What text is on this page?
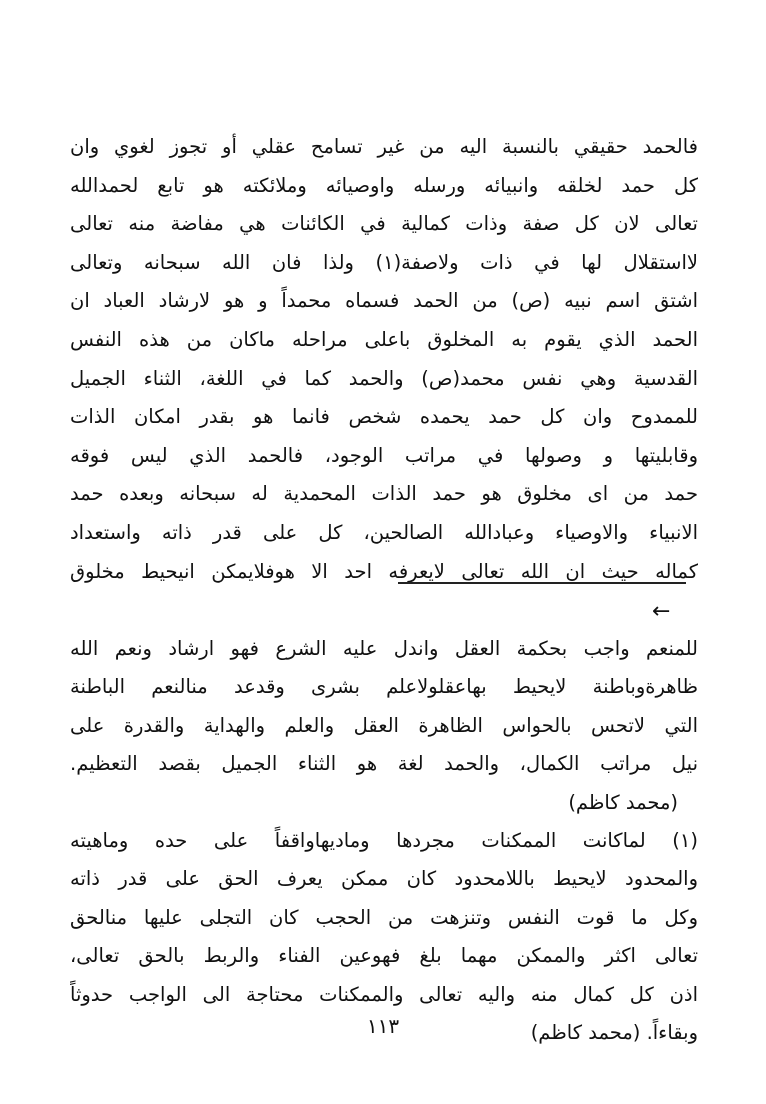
فالحمد حقيقي بالنسبة اليه من غير تسامح عقلي أو تجوز لغوي وان
كل حمد لخلقه وانبيائه ورسله واوصيائه وملائكته هو تابع لحمدالله
تعالى لان كل صفة وذات كمالية في الكائنات هي مفاضة منه تعالى
لااستقلال لها في ذات ولاصفة(١) ولذا فان الله سبحانه وتعالى
اشتق اسم نبيه (ص) من الحمد فسماه محمداً و هو لارشاد العباد ان
الحمد الذي يقوم به المخلوق باعلى مراحله ماكان من هذه النفس
القدسية وهي نفس محمد(ص) والحمد كما في اللغة، الثناء الجميل
للممدوح وان كل حمد يحمده شخص فانما هو بقدر امكان الذات
وقابليتها و وصولها في مراتب الوجود، فالحمد الذي ليس فوقه
حمد من اى مخلوق هو حمد الذات المحمدية له سبحانه وبعده حمد
الانبياء والاوصياء وعبادالله الصالحين، كل على قدر ذاته واستعداد
كماله حيث ان الله تعالى لايعرفه احد الا هوفلايمكن انيحيط مخلوق
←
للمنعم واجب بحكمة العقل واندل عليه الشرع فهو ارشاد ونعم الله
ظاهرةوباطنة لايحيط بهاعقلولاعلم بشرى وقدعد منالنعم الباطنة
التي لاتحس بالحواس الظاهرة العقل والعلم والهداية والقدرة على
نيل مراتب الكمال، والحمد لغة هو الثناء الجميل بقصد التعظيم.
(محمد كاظم)
(١) لماكانت الممكنات مجردها وماديهاواقفاً على حده وماهيته
والمحدود لايحيط باللامحدود كان ممكن يعرف الحق على قدر ذاته
وكل ما قوت النفس وتنزهت من الحجب كان التجلى عليها منالحق
تعالى اكثر والممكن مهما بلغ فهوعين الفناء والربط بالحق تعالى،
اذن كل كمال منه واليه تعالى والممكنات محتاجة الى الواجب حدوثاً
وبقاءاً. (محمد كاظم)
١١٣
